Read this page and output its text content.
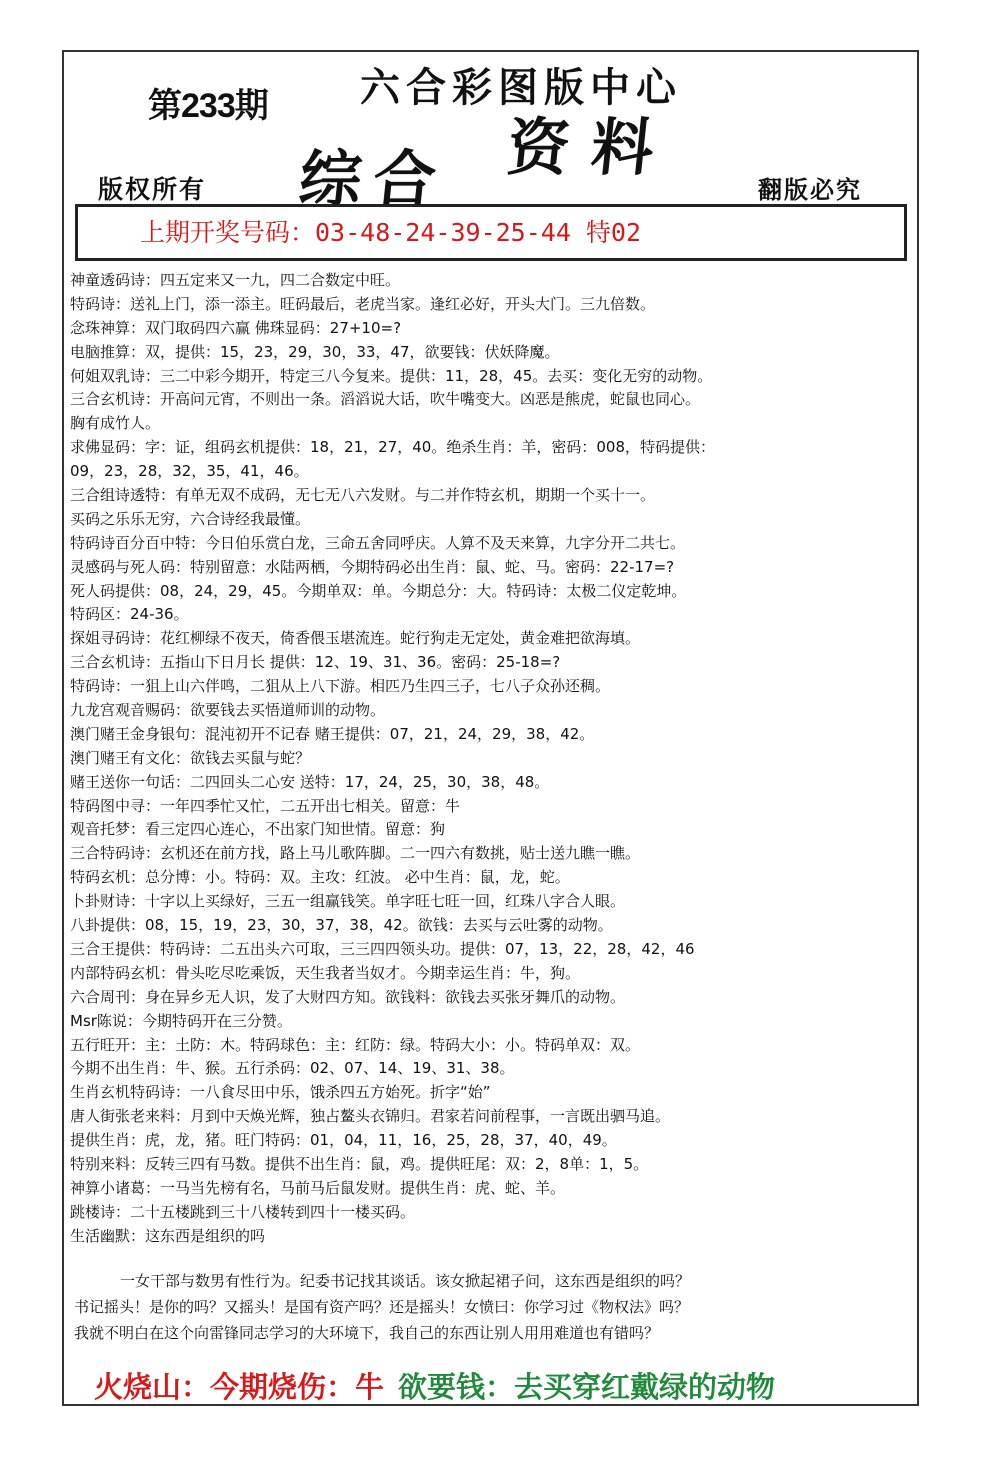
第233期 六合彩图版中心
综合 资料
版权所有	翻版必究
上期开奖号码：03-48-24-39-25-44 特02
神童透码诗：四五定来又一九，四二合数定中旺。
特码诗：送礼上门，添一添主。旺码最后，老虎当家。逢红必好，开头大门。三九倍数。
念珠神算：双门取码四六赢 佛珠显码：27+10=?
电脑推算：双，提供：15，23，29，30，33，47，欲要钱：伏妖降魔。
何姐双乳诗：三二中彩今期开，特定三八今复来。提供：11，28，45。去买：变化无穷的动物。
三合玄机诗：开高问元宵，不则出一条。滔滔说大话，吹牛嘴变大。凶恶是熊虎，蛇鼠也同心。
胸有成竹人。
求佛显码：字：证，组码玄机提供：18，21，27，40。绝杀生肖：羊，密码：008，特码提供：
09，23，28，32，35，41，46。
三合组诗透特：有单无双不成码，无七无八六发财。与二并作特玄机，期期一个买十一。
买码之乐乐无穷，六合诗经我最懂。
特码诗百分百中特：今日伯乐赏白龙，三命五舍同呼庆。人算不及天来算，九字分开二共七。
灵感码与死人码：特别留意：水陆两栖，今期特码必出生肖：鼠、蛇、马。密码：22-17=?
死人码提供：08，24，29，45。今期单双：单。今期总分：大。特码诗：太极二仪定乾坤。
特码区：24-36。
探姐寻码诗：花红柳绿不夜天，倚香偎玉堪流连。蛇行狗走无定处，黄金难把欲海填。
三合玄机诗：五指山下日月长 提供：12、19、31、36。密码：25-18=?
特码诗：一狙上山六伴鸣，二狙从上八下游。相匹乃生四三子，七八子众孙还稠。
九龙宫观音赐码：欲要钱去买悟道师训的动物。
澳门赌王金身银句：混沌初开不记春 赌王提供：07，21，24，29，38，42。
澳门赌王有文化：欲钱去买鼠与蛇？
赌王送你一句话：二四回头二心安 送特：17，24，25，30，38，48。
特码图中寻：一年四季忙又忙，二五开出七相关。留意：牛
观音托梦：看三定四心连心，不出家门知世情。留意：狗
三合特码诗：玄机还在前方找，路上马儿歌阵脚。二一四六有数挑，贴士送九瞧一瞧。
特码玄机：总分博：小。特码：双。主攻：红波。 必中生肖：鼠，龙，蛇。
卜卦财诗：十字以上买绿好，三五一组赢钱笑。单字旺七旺一回，红珠八字合人眼。
八卦提供：08，15，19，23，30，37，38，42。欲钱：去买与云吐雾的动物。
三合王提供：特码诗：二五出头六可取，三三四四领头功。提供：07，13，22，28，42，46
内部特码玄机：骨头吃尽吃乘饭，天生我者当奴才。今期幸运生肖：牛，狗。
六合周刊：身在异乡无人识，发了大财四方知。欲钱料：欲钱去买张牙舞爪的动物。
Msr陈说：今期特码开在三分赞。
五行旺开：主：土防：木。特码球色：主：红防：绿。特码大小：小。特码单双：双。
今期不出生肖：牛、猴。五行杀码：02、07、14、19、31、38。
生肖玄机特码诗：一八食尽田中乐，饿杀四五方始死。折字“始”
唐人街张老来料：月到中天焕光辉，独占鳌头衣锦归。君家若问前程事，一言既出驷马追。
提供生肖：虎，龙，猪。旺门特码：01，04，11，16，25，28，37，40，49。
特别来料：反转三四有马数。提供不出生肖：鼠，鸡。提供旺尾：双：2，8单：1，5。
神算小诸葛：一马当先榜有名，马前马后鼠发财。提供生肖：虎、蛇、羊。
跳楼诗：二十五楼跳到三十八楼转到四十一楼买码。
生活幽默：这东西是组织的吗
一女干部与数男有性行为。纪委书记找其谈话。该女掀起裙子问，这东西是组织的吗？
书记摇头！是你的吗？又摇头！是国有资产吗？还是摇头！女愤曰：你学习过《物权法》吗？
我就不明白在这个向雷锋同志学习的大环境下，我自己的东西让别人用用难道也有错吗？
火烧山：今期烧伤：牛 欲要钱：去买穿红戴绿的动物
